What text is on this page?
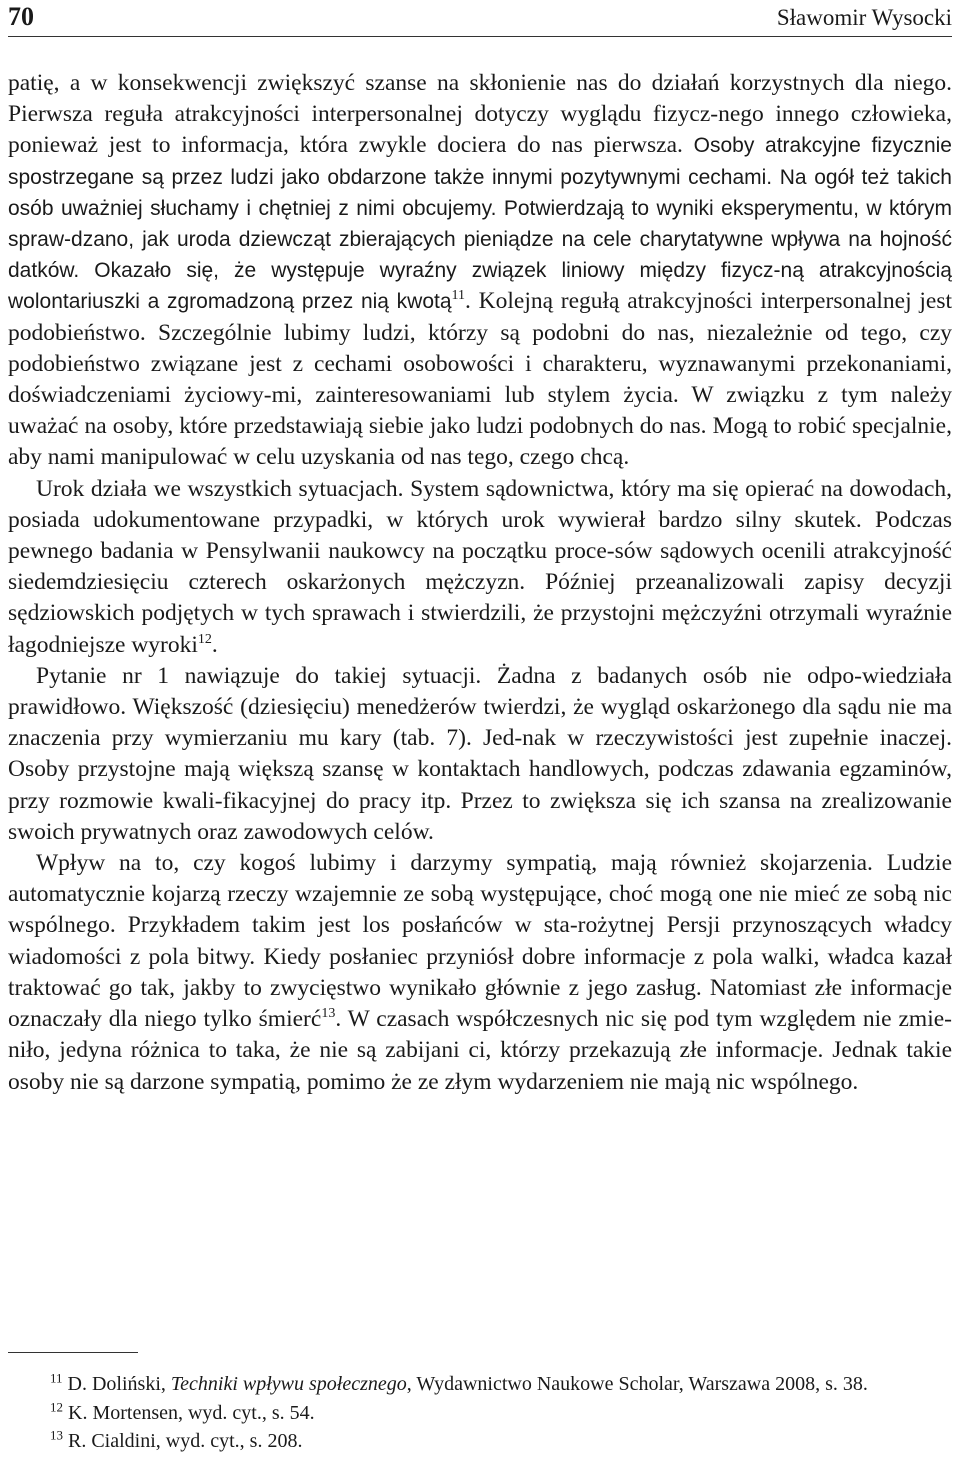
70	Sławomir Wysocki

patię, a w konsekwencji zwiększyć szanse na skłonienie nas do działań korzystnych dla niego. Pierwsza reguła atrakcyjności interpersonalnej dotyczy wyglądu fizycz-nego innego człowieka, ponieważ jest to informacja, która zwykle dociera do nas pierwsza. Osoby atrakcyjne fizycznie spostrzegane są przez ludzi jako obdarzone także innymi pozytywnymi cechami. Na ogół też takich osób uważniej słuchamy i chętniej z nimi obcujemy. Potwierdzają to wyniki eksperymentu, w którym spraw-dzano, jak uroda dziewcząt zbierających pieniądze na cele charytatywne wpływa na hojność datków. Okazało się, że występuje wyraźny związek liniowy między fizycz-ną atrakcyjnością wolontariuszki a zgromadzoną przez nią kwotą$^{11}$. Kolejną regułą atrakcyjności interpersonalnej jest podobieństwo. Szczególnie lubimy ludzi, którzy są podobni do nas, niezależnie od tego, czy podobieństwo związane jest z cechami osobowości i charakteru, wyznawanymi przekonaniami, doświadczeniami życiowy-mi, zainteresowaniami lub stylem życia. W związku z tym należy uważać na osoby, które przedstawiają siebie jako ludzi podobnych do nas. Mogą to robić specjalnie, aby nami manipulować w celu uzyskania od nas tego, czego chcą.

Urok działa we wszystkich sytuacjach. System sądownictwa, który ma się opierać na dowodach, posiada udokumentowane przypadki, w których urok wywierał bardzo silny skutek. Podczas pewnego badania w Pensylwanii naukowcy na początku proce-sów sądowych ocenili atrakcyjność siedemdziesięciu czterech oskarżonych mężczyzn. Później przeanalizowali zapisy decyzji sędziowskich podjętych w tych sprawach i stwierdzili, że przystojni mężczyźni otrzymali wyraźnie łagodniejsze wyroki$^{12}$.

Pytanie nr 1 nawiązuje do takiej sytuacji. Żadna z badanych osób nie odpo-wiedziała prawidłowo. Większość (dziesięciu) menedżerów twierdzi, że wygląd oskarżonego dla sądu nie ma znaczenia przy wymierzaniu mu kary (tab. 7). Jed-nak w rzeczywistości jest zupełnie inaczej. Osoby przystojne mają większą szansę w kontaktach handlowych, podczas zdawania egzaminów, przy rozmowie kwali-fikacyjnej do pracy itp. Przez to zwiększa się ich szansa na zrealizowanie swoich prywatnych oraz zawodowych celów.

Wpływ na to, czy kogoś lubimy i darzymy sympatią, mają również skojarzenia. Ludzie automatycznie kojarzą rzeczy wzajemnie ze sobą występujące, choć mogą one nie mieć ze sobą nic wspólnego. Przykładem takim jest los posłańców w sta-rożytnej Persji przynoszących władcy wiadomości z pola bitwy. Kiedy posłaniec przyniósł dobre informacje z pola walki, władca kazał traktować go tak, jakby to zwycięstwo wynikało głównie z jego zasług. Natomiast złe informacje oznaczały dla niego tylko śmierć$^{13}$. W czasach współczesnych nic się pod tym względem nie zmie-niło, jedyna różnica to taka, że nie są zabijani ci, którzy przekazują złe informacje. Jednak takie osoby nie są darzone sympatią, pomimo że ze złym wydarzeniem nie mają nic wspólnego.

$^{11}$ D. Doliński, Techniki wpływu społecznego, Wydawnictwo Naukowe Scholar, Warszawa 2008, s. 38.

$^{12}$ K. Mortensen, wyd. cyt., s. 54.

$^{13}$ R. Cialdini, wyd. cyt., s. 208.
